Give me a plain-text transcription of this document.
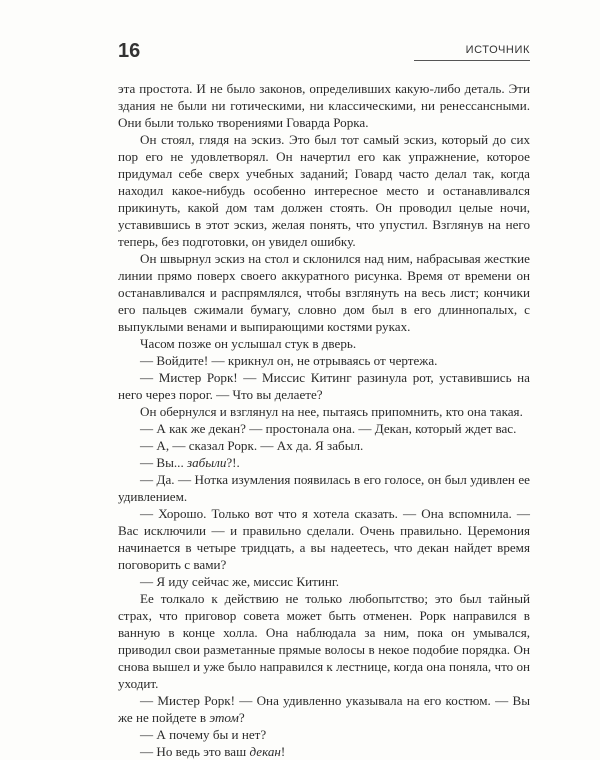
16	ИСТОЧНИК

эта простота. И не было законов, определивших какую-либо деталь. Эти здания не были ни готическими, ни классическими, ни ренессансными. Они были только творениями Говарда Рорка.

Он стоял, глядя на эскиз. Это был тот самый эскиз, который до сих пор его не удовлетворял. Он начертил его как упражнение, которое придумал себе сверх учебных заданий; Говард часто делал так, когда находил какое-нибудь особенно интересное место и останавливался прикинуть, какой дом там должен стоять. Он проводил целые ночи, уставившись в этот эскиз, желая понять, что упустил. Взглянув на него теперь, без подготовки, он увидел ошибку.

Он швырнул эскиз на стол и склонился над ним, набрасывая жесткие линии прямо поверх своего аккуратного рисунка. Время от времени он останавливался и распрямлялся, чтобы взглянуть на весь лист; кончики его пальцев сжимали бумагу, словно дом был в его длиннопалых, с выпуклыми венами и выпирающими костями руках.

Часом позже он услышал стук в дверь.

— Войдите! — крикнул он, не отрываясь от чертежа.

— Мистер Рорк! — Миссис Китинг разинула рот, уставившись на него через порог. — Что вы делаете?

Он обернулся и взглянул на нее, пытаясь припомнить, кто она такая.

— А как же декан? — простонала она. — Декан, который ждет вас.

— А, — сказал Рорк. — Ах да. Я забыл.

— Вы... забыли?!.

— Да. — Нотка изумления появилась в его голосе, он был удивлен ее удивлением.

— Хорошо. Только вот что я хотела сказать. — Она вспомнила. — Вас исключили — и правильно сделали. Очень правильно. Церемония начинается в четыре тридцать, а вы надеетесь, что декан найдет время поговорить с вами?

— Я иду сейчас же, миссис Китинг.

Ее толкало к действию не только любопытство; это был тайный страх, что приговор совета может быть отменен. Рорк направился в ванную в конце холла. Она наблюдала за ним, пока он умывался, приводил свои разметанные прямые волосы в некое подобие порядка. Он снова вышел и уже было направился к лестнице, когда она поняла, что он уходит.

— Мистер Рорк! — Она удивленно указывала на его костюм. — Вы же не пойдете в этом?

— А почему бы и нет?

— Но ведь это ваш декан!
